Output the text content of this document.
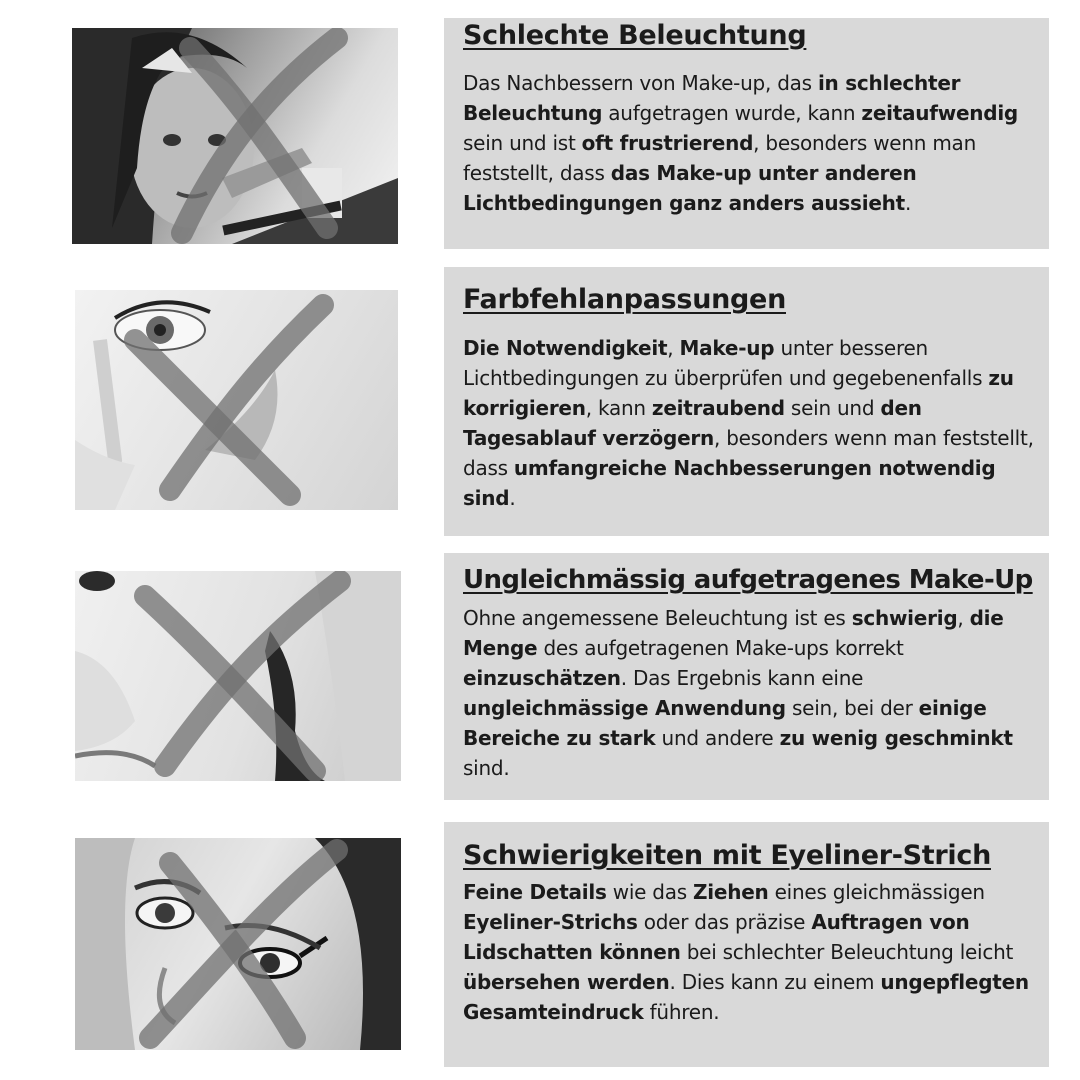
Schlechte Beleuchtung

Das Nachbessern von Make-up, das in schlechter Beleuchtung aufgetragen wurde, kann zeitaufwendig sein und ist oft frustrierend, besonders wenn man feststellt, dass das Make-up unter anderen Lichtbedingungen ganz anders aussieht.

Farbfehlanpassungen

Die Notwendigkeit, Make-up unter besseren Lichtbedingungen zu überprüfen und gegebenenfalls zu korrigieren, kann zeitraubend sein und den Tagesablauf verzögern, besonders wenn man feststellt, dass umfangreiche Nachbesserungen notwendig sind.

Ungleichmässig aufgetragenes Make-Up

Ohne angemessene Beleuchtung ist es schwierig, die Menge des aufgetragenen Make-ups korrekt einzuschätzen. Das Ergebnis kann eine ungleichmässige Anwendung sein, bei der einige Bereiche zu stark und andere zu wenig geschminkt sind.

Schwierigkeiten mit Eyeliner-Strich

Feine Details wie das Ziehen eines gleichmässigen Eyeliner-Strichs oder das präzise Auftragen von Lidschatten können bei schlechter Beleuchtung leicht übersehen werden. Dies kann zu einem ungepflegten Gesamteindruck führen.
